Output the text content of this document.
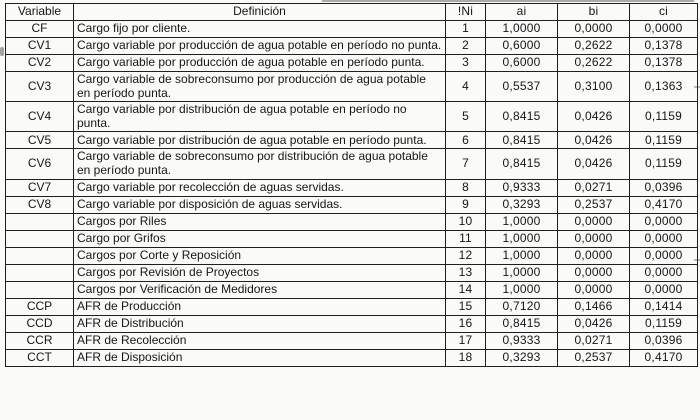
Variable	Definición	!Ni	ai	bi	ci
CF	Cargo fijo por cliente.	1	1,0000	0,0000	0,0000
CV1	Cargo variable por producción de agua potable en período no punta.	2	0,6000	0,2622	0,1378
CV2	Cargo variable por producción de agua potable en período punta.	3	0,6000	0,2622	0,1378
CV3	Cargo variable de sobreconsumo por producción de agua potable en período punta.	4	0,5537	0,3100	0,1363
CV4	Cargo variable por distribución de agua potable en período no punta.	5	0,8415	0,0426	0,1159
CV5	Cargo variable por distribución de agua potable en período punta.	6	0,8415	0,0426	0,1159
CV6	Cargo variable de sobreconsumo por distribución de agua potable en período punta.	7	0,8415	0,0426	0,1159
CV7	Cargo variable por recolección de aguas servidas.	8	0,9333	0,0271	0,0396
CV8	Cargo variable por disposición de aguas servidas.	9	0,3293	0,2537	0,4170
	Cargos por Riles	10	1,0000	0,0000	0,0000
	Cargo por Grifos	11	1,0000	0,0000	0,0000
	Cargos por Corte y Reposición	12	1,0000	0,0000	0,0000
	Cargos por Revisión de Proyectos	13	1,0000	0,0000	0,0000
	Cargos por Verificación de Medidores	14	1,0000	0,0000	0,0000
CCP	AFR de Producción	15	0,7120	0,1466	0,1414
CCD	AFR de Distribución	16	0,8415	0,0426	0,1159
CCR	AFR de Recolección	17	0,9333	0,0271	0,0396
CCT	AFR de Disposición	18	0,3293	0,2537	0,4170
